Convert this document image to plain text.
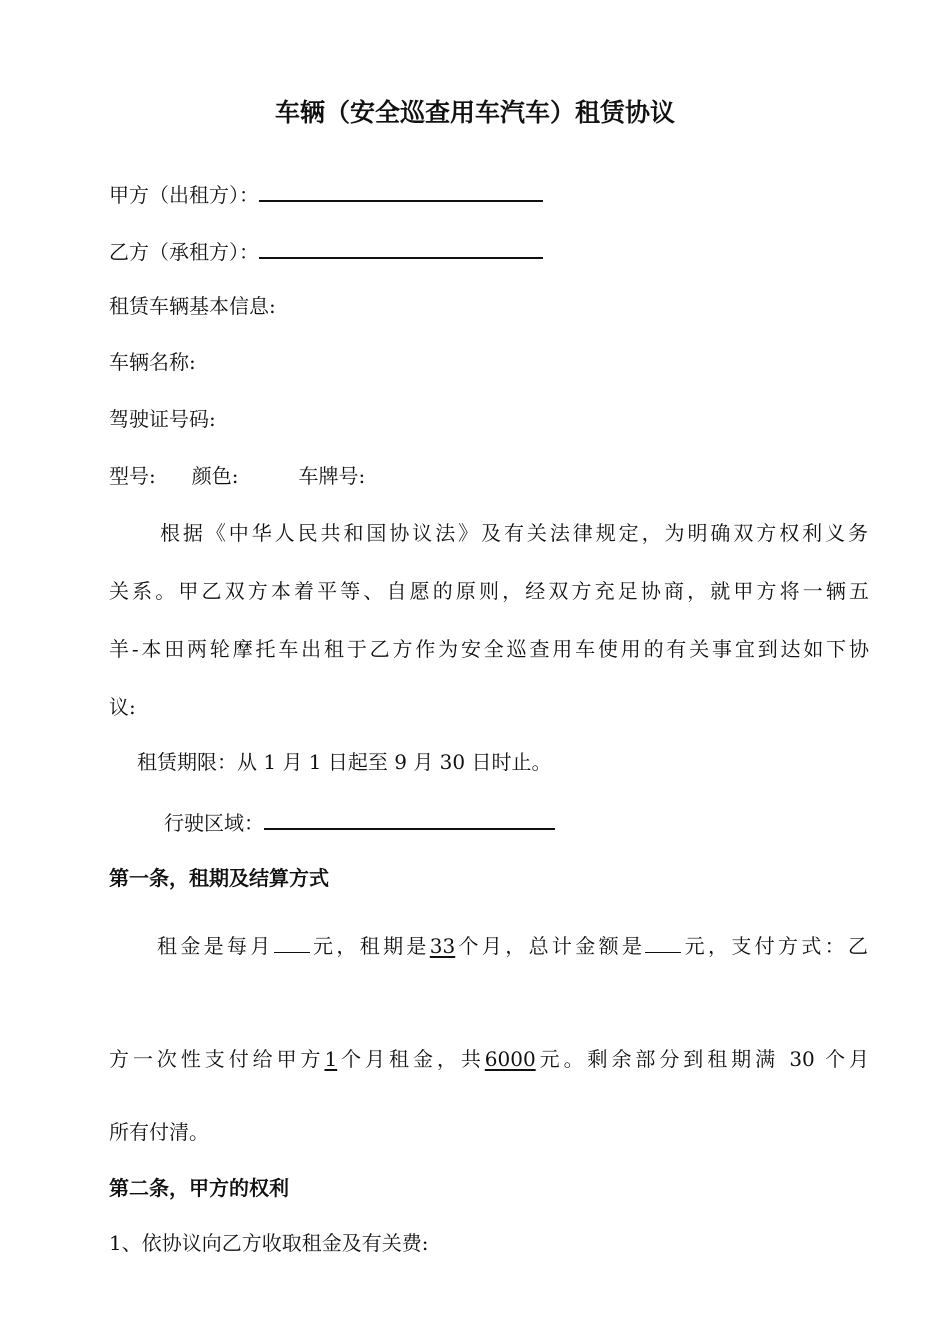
车辆（安全巡查用车汽车）租赁协议
甲方（出租方）：
乙方（承租方）：
租赁车辆基本信息:
车辆名称:
驾驶证号码:
型号: 颜色:	车牌号:
根据《中华人民共和国协议法》及有关法律规定，为明确双方权利义务
关系。甲乙双方本着平等、自愿的原则，经双方充足协商，就甲方将一辆五
羊-本田两轮摩托车出租于乙方作为安全巡查用车使用的有关事宜到达如下协
议:
租赁期限：从 1 月 1 日起至 9 月 30 日时止。
行驶区域：
第一条，租期及结算方式
租金是每月 元，租期是33个月，总计金额是 元，支付方式：乙
方一次性支付给甲方1个月租金，共6000元。剩余部分到租期满 30 个月
所有付清。
第二条，甲方的权利
1、依协议向乙方收取租金及有关费:
